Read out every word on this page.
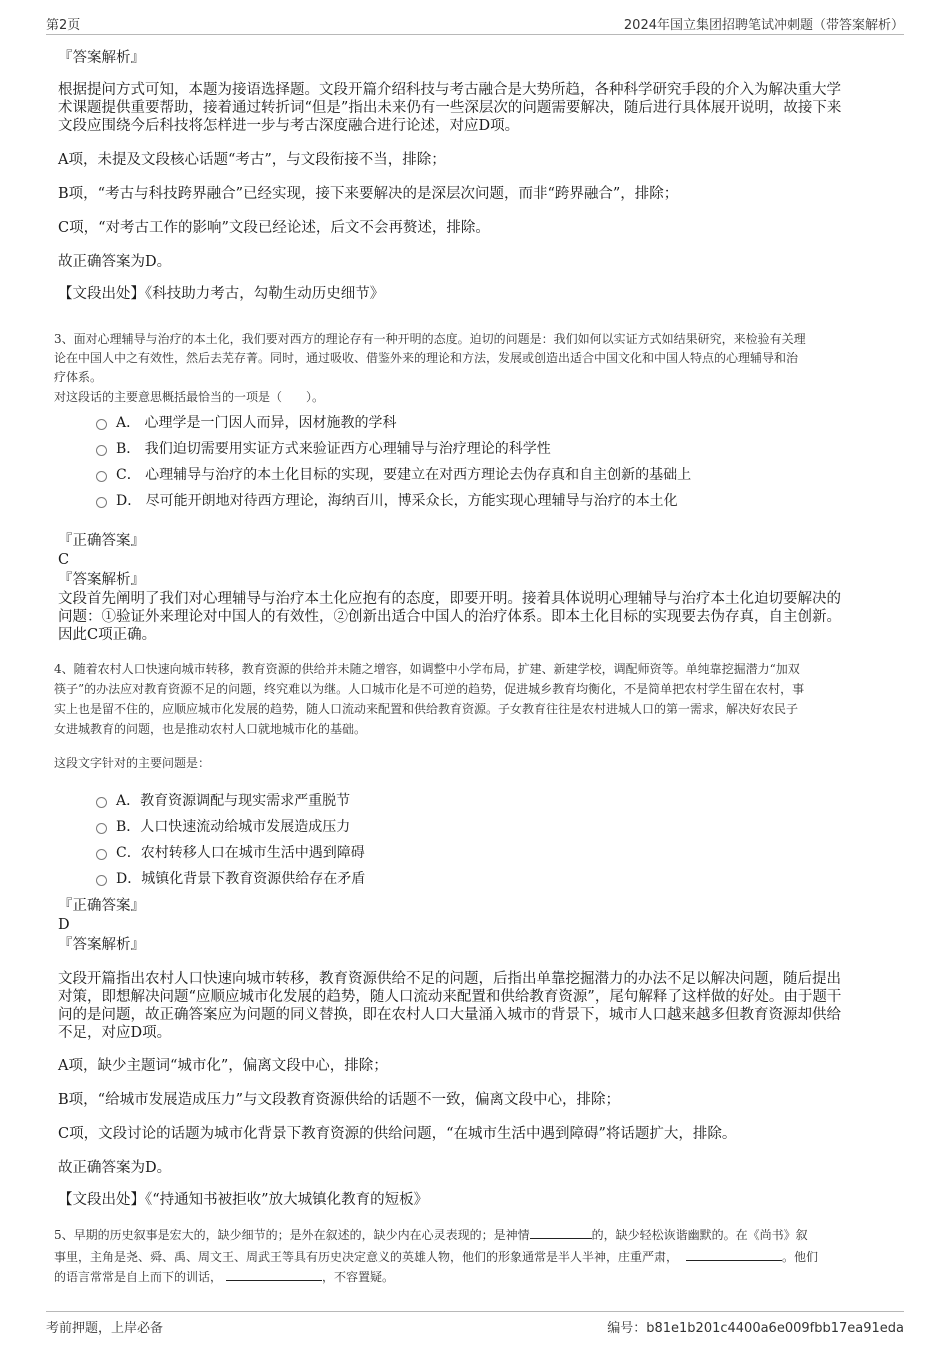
第2页	2024年国立集团招聘笔试冲刺题（带答案解析）

『答案解析』

根据提问方式可知，本题为接语选择题。文段开篇介绍科技与考古融合是大势所趋，各种科学研究手段的介入为解决重大学

术课题提供重要帮助，接着通过转折词“但是”指出未来仍有一些深层次的问题需要解决，随后进行具体展开说明，故接下来

文段应围绕今后科技将怎样进一步与考古深度融合进行论述，对应D项。

A项，未提及文段核心话题“考古”，与文段衔接不当，排除；

B项，“考古与科技跨界融合”已经实现，接下来要解决的是深层次问题，而非“跨界融合”，排除；

C项，“对考古工作的影响”文段已经论述，后文不会再赘述，排除。

故正确答案为D。

【文段出处】《科技助力考古，勾勒生动历史细节》

3、面对心理辅导与治疗的本土化，我们要对西方的理论存有一种开明的态度。迫切的问题是：我们如何以实证方式如结果研究，来检验有关理

论在中国人中之有效性，然后去芜存菁。同时，通过吸收、借鉴外来的理论和方法，发展或创造出适合中国文化和中国人特点的心理辅导和治

疗体系。

对这段话的主要意思概括最恰当的一项是（　　）。

A． 心理学是一门因人而异，因材施教的学科
B． 我们迫切需要用实证方式来验证西方心理辅导与治疗理论的科学性
C． 心理辅导与治疗的本土化目标的实现，要建立在对西方理论去伪存真和自主创新的基础上
D． 尽可能开朗地对待西方理论，海纳百川，博采众长，方能实现心理辅导与治疗的本土化

『正确答案』

C

『答案解析』

文段首先阐明了我们对心理辅导与治疗本土化应抱有的态度，即要开明。接着具体说明心理辅导与治疗本土化迫切要解决的

问题：①验证外来理论对中国人的有效性，②创新出适合中国人的治疗体系。即本土化目标的实现要去伪存真，自主创新。

因此C项正确。

4、随着农村人口快速向城市转移，教育资源的供给并未随之增容，如调整中小学布局，扩建、新建学校，调配师资等。单纯靠挖掘潜力“加双

筷子”的办法应对教育资源不足的问题，终究难以为继。人口城市化是不可逆的趋势，促进城乡教育均衡化，不是简单把农村学生留在农村，事

实上也是留不住的，应顺应城市化发展的趋势，随人口流动来配置和供给教育资源。子女教育往往是农村进城人口的第一需求，解决好农民子

女进城教育的问题，也是推动农村人口就地城市化的基础。

这段文字针对的主要问题是：

A．教育资源调配与现实需求严重脱节
B．人口快速流动给城市发展造成压力
C．农村转移人口在城市生活中遇到障碍
D．城镇化背景下教育资源供给存在矛盾

『正确答案』

D

『答案解析』

文段开篇指出农村人口快速向城市转移，教育资源供给不足的问题，后指出单靠挖掘潜力的办法不足以解决问题，随后提出

对策，即想解决问题“应顺应城市化发展的趋势，随人口流动来配置和供给教育资源”，尾句解释了这样做的好处。由于题干

问的是问题，故正确答案应为问题的同义替换，即在农村人口大量涌入城市的背景下，城市人口越来越多但教育资源却供给

不足，对应D项。

A项，缺少主题词“城市化”，偏离文段中心，排除；

B项，“给城市发展造成压力”与文段教育资源供给的话题不一致，偏离文段中心，排除；

C项，文段讨论的话题为城市化背景下教育资源的供给问题，“在城市生活中遇到障碍”将话题扩大，排除。

故正确答案为D。

【文段出处】《“持通知书被拒收”放大城镇化教育的短板》

5、早期的历史叙事是宏大的，缺少细节的；是外在叙述的，缺少内在心灵表现的；是神情	的，缺少轻松诙谐幽默的。在《尚书》叙

事里，主角是尧、舜、禹、周文王、周武王等具有历史决定意义的英雄人物，他们的形象通常是半人半神，庄重严肃，	。他们

的语言常常是自上而下的训话，	，不容置疑。

考前押题，上岸必备	编号：b81e1b201c4400a6e009fbb17ea91eda
